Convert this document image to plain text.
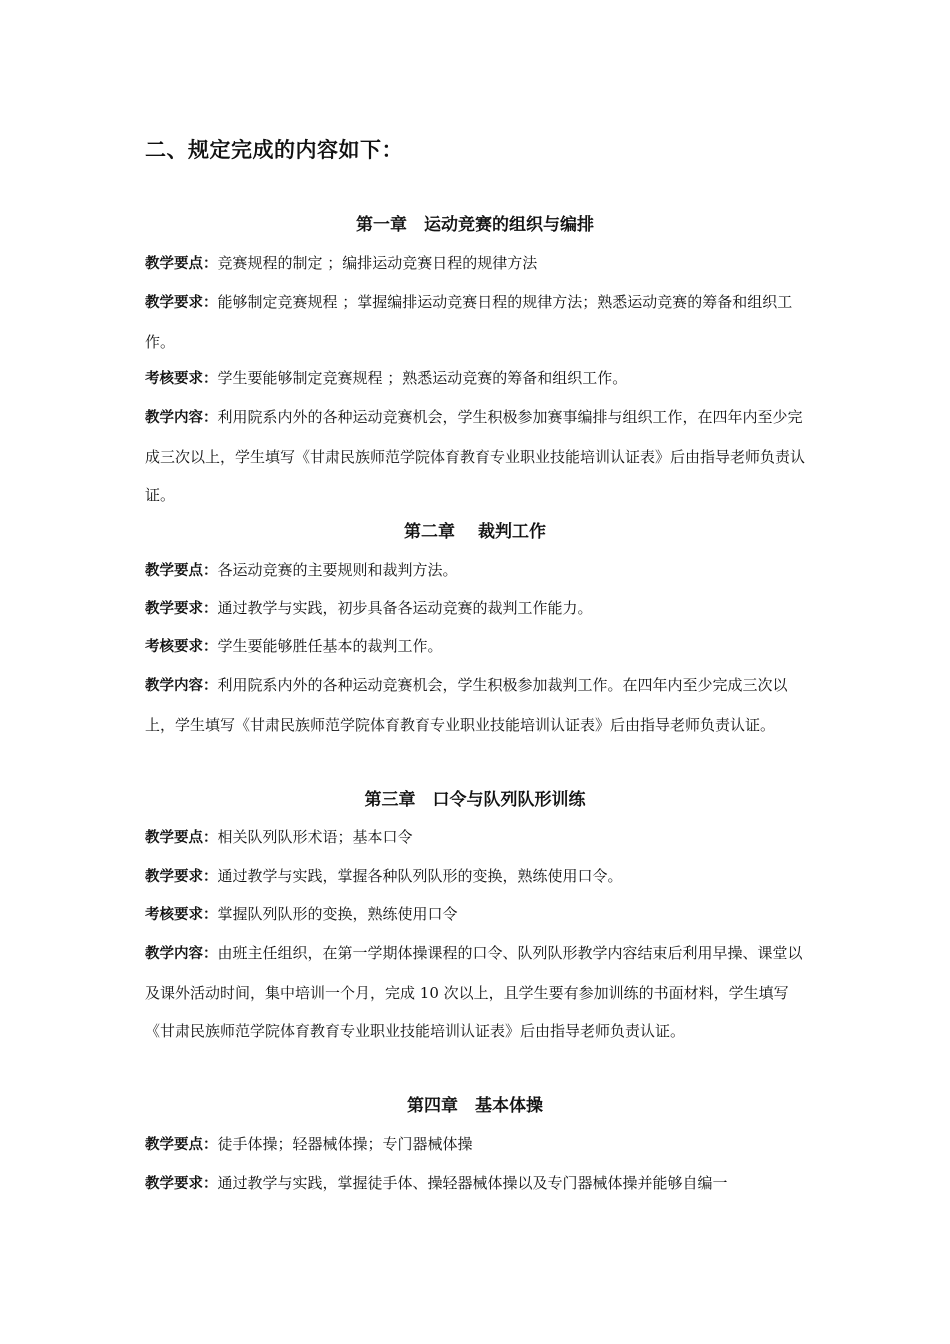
二、规定完成的内容如下：
第一章　运动竞赛的组织与编排
教学要点：竞赛规程的制定 ；编排运动竞赛日程的规律方法
教学要求：能够制定竞赛规程 ；掌握编排运动竞赛日程的规律方法；熟悉运动竞赛的筹备和组织工作。
考核要求：学生要能够制定竞赛规程 ；熟悉运动竞赛的筹备和组织工作。
教学内容：利用院系内外的各种运动竞赛机会，学生积极参加赛事编排与组织工作，在四年内至少完成三次以上，学生填写《甘肃民族师范学院体育教育专业职业技能培训认证表》后由指导老师负责认证。
第二章　 裁判工作
教学要点：各运动竞赛的主要规则和裁判方法。
教学要求：通过教学与实践，初步具备各运动竞赛的裁判工作能力。
考核要求：学生要能够胜任基本的裁判工作。
教学内容：利用院系内外的各种运动竞赛机会，学生积极参加裁判工作。在四年内至少完成三次以上，学生填写《甘肃民族师范学院体育教育专业职业技能培训认证表》后由指导老师负责认证。
第三章　口令与队列队形训练
教学要点：相关队列队形术语；基本口令
教学要求：通过教学与实践，掌握各种队列队形的变换，熟练使用口令。
考核要求：掌握队列队形的变换，熟练使用口令
教学内容：由班主任组织，在第一学期体操课程的口令、队列队形教学内容结束后利用早操、课堂以及课外活动时间，集中培训一个月，完成 10 次以上，且学生要有参加训练的书面材料，学生填写《甘肃民族师范学院体育教育专业职业技能培训认证表》后由指导老师负责认证。
第四章　基本体操
教学要点：徒手体操；轻器械体操；专门器械体操
教学要求：通过教学与实践，掌握徒手体、操轻器械体操以及专门器械体操并能够自编一
